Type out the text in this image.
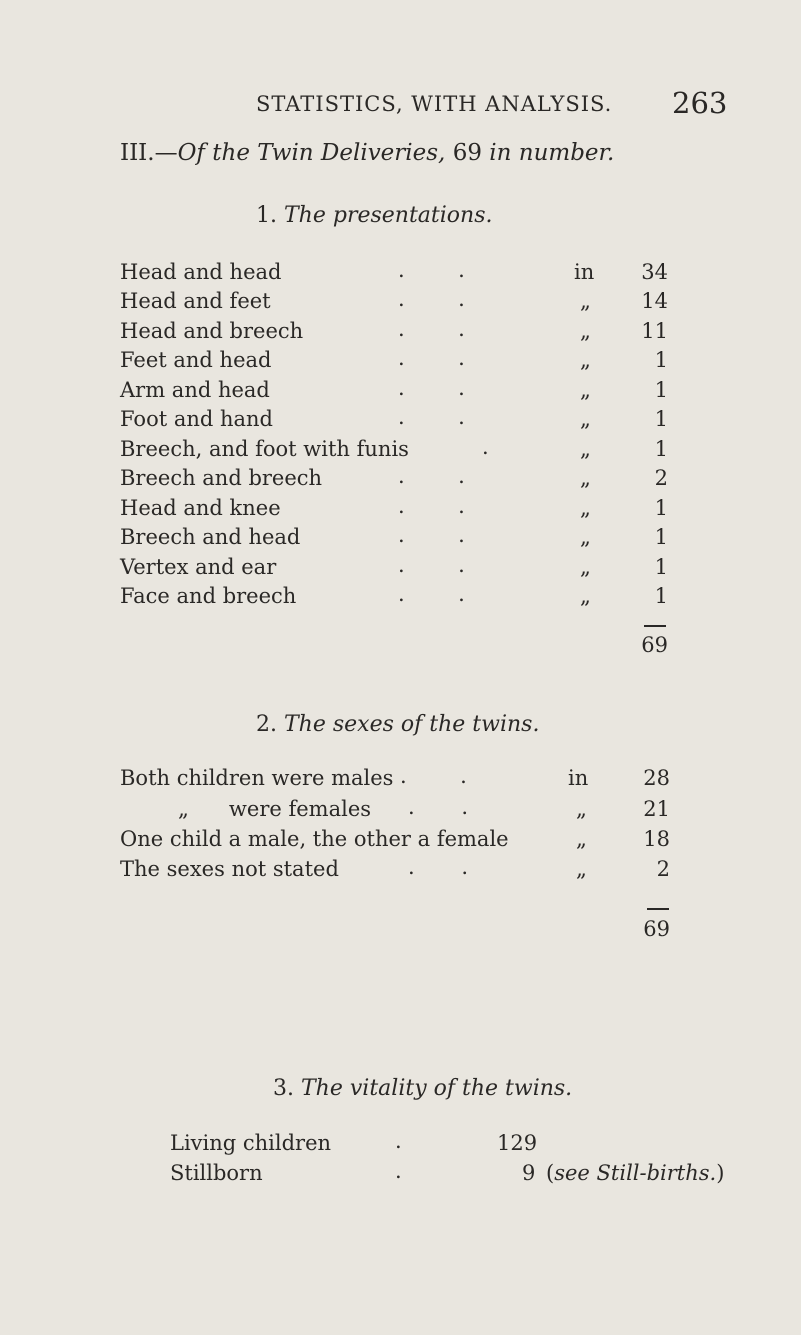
STATISTICS, WITH ANALYSIS. 263
III.—Of the Twin Deliveries, 69 in number.
1. The presentations.
Head and head
Head and feet
Head and breech
Feet and head
Arm and head
Foot and hand
Breech, and foot with funis
Breech and breech
Head and knee
Breech and head
Vertex and ear
Face and breech
.        .
.        .
.        .
.        .
.        .
.        .
.
.        .
.        .
.        .
.        .
.        .
in
„
„
„
„
„
„
„
„
„
„
„
34
14
11
1
1
1
1
2
1
1
1
1
69
2. The sexes of the twins.
Both children were males
„      were females
One child a male, the other a female
The sexes not stated
.        .
.       .
.       .
in
„
„
„
28
21
18
2
69
3. The vitality of the twins.
Living children
Stillborn
.
.
129
9 (see Still-births.)
